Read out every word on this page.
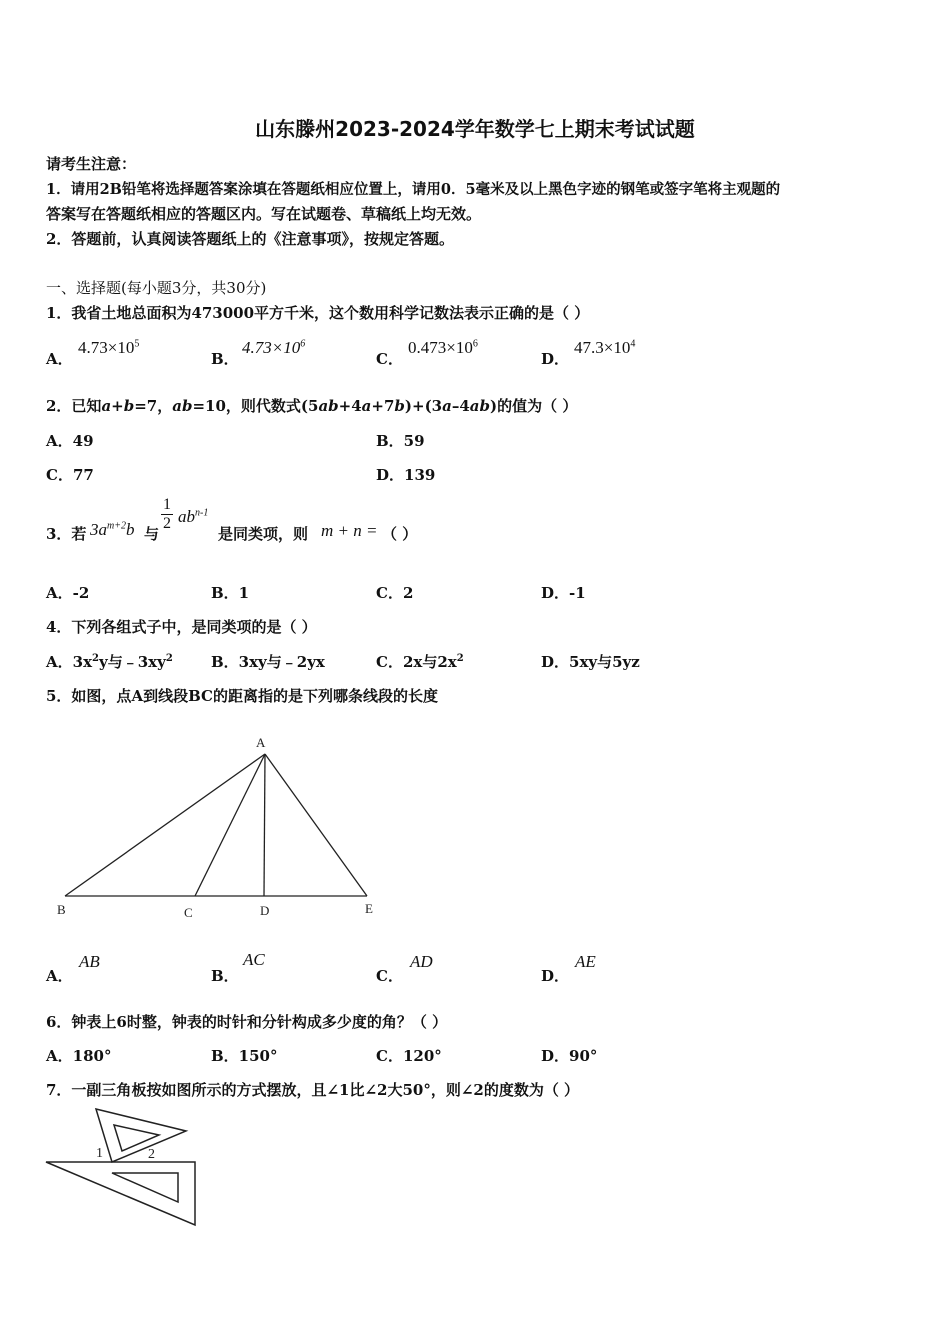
山东滕州2023-2024学年数学七上期末考试试题
请考生注意：
1．请用2B铅笔将选择题答案涂填在答题纸相应位置上，请用0．5毫米及以上黑色字迹的钢笔或签字笔将主观题的
答案写在答题纸相应的答题区内。写在试题卷、草稿纸上均无效。
2．答题前，认真阅读答题纸上的《注意事项》，按规定答题。
一、选择题(每小题3分，共30分)
1．我省土地总面积为473000平方千米，这个数用科学记数法表示正确的是（ ）
A．
$4.73\times 10^5$
B．
$4.73\times 10^6$
C．
$0.473\times 10^6$
D．
$47.3\times 10^4$
2．已知a+b=7，ab=10，则代数式(5ab+4a+7b)+(3a–4ab)的值为（ ）
A．49	B．59
C．77	D．139
3．若 $3a^{m+2}b$ 与
$\frac{1}{2} ab^{n-1}$
是同类项，则 m + n = （ ）
A．-2	B．1	C．2	D．-1
4．下列各组式子中，是同类项的是（ ）
A．$3x^2y$与$﹣3xy^2$	B．3xy与﹣2yx	C．2x与$2x^2$	D．5xy与5yz
5．如图，点A到线段BC的距离指的是下列哪条线段的长度
A
B	C	D	E
A．
AB
B．
AC
C．
AD
D．
AE
6．钟表上6时整，钟表的时针和分针构成多少度的角？（ ）
A．180°	B．150°	C．120°	D．90°
7．一副三角板按如图所示的方式摆放，且∠1比∠2大50°，则∠2的度数为（ ）
1	2
